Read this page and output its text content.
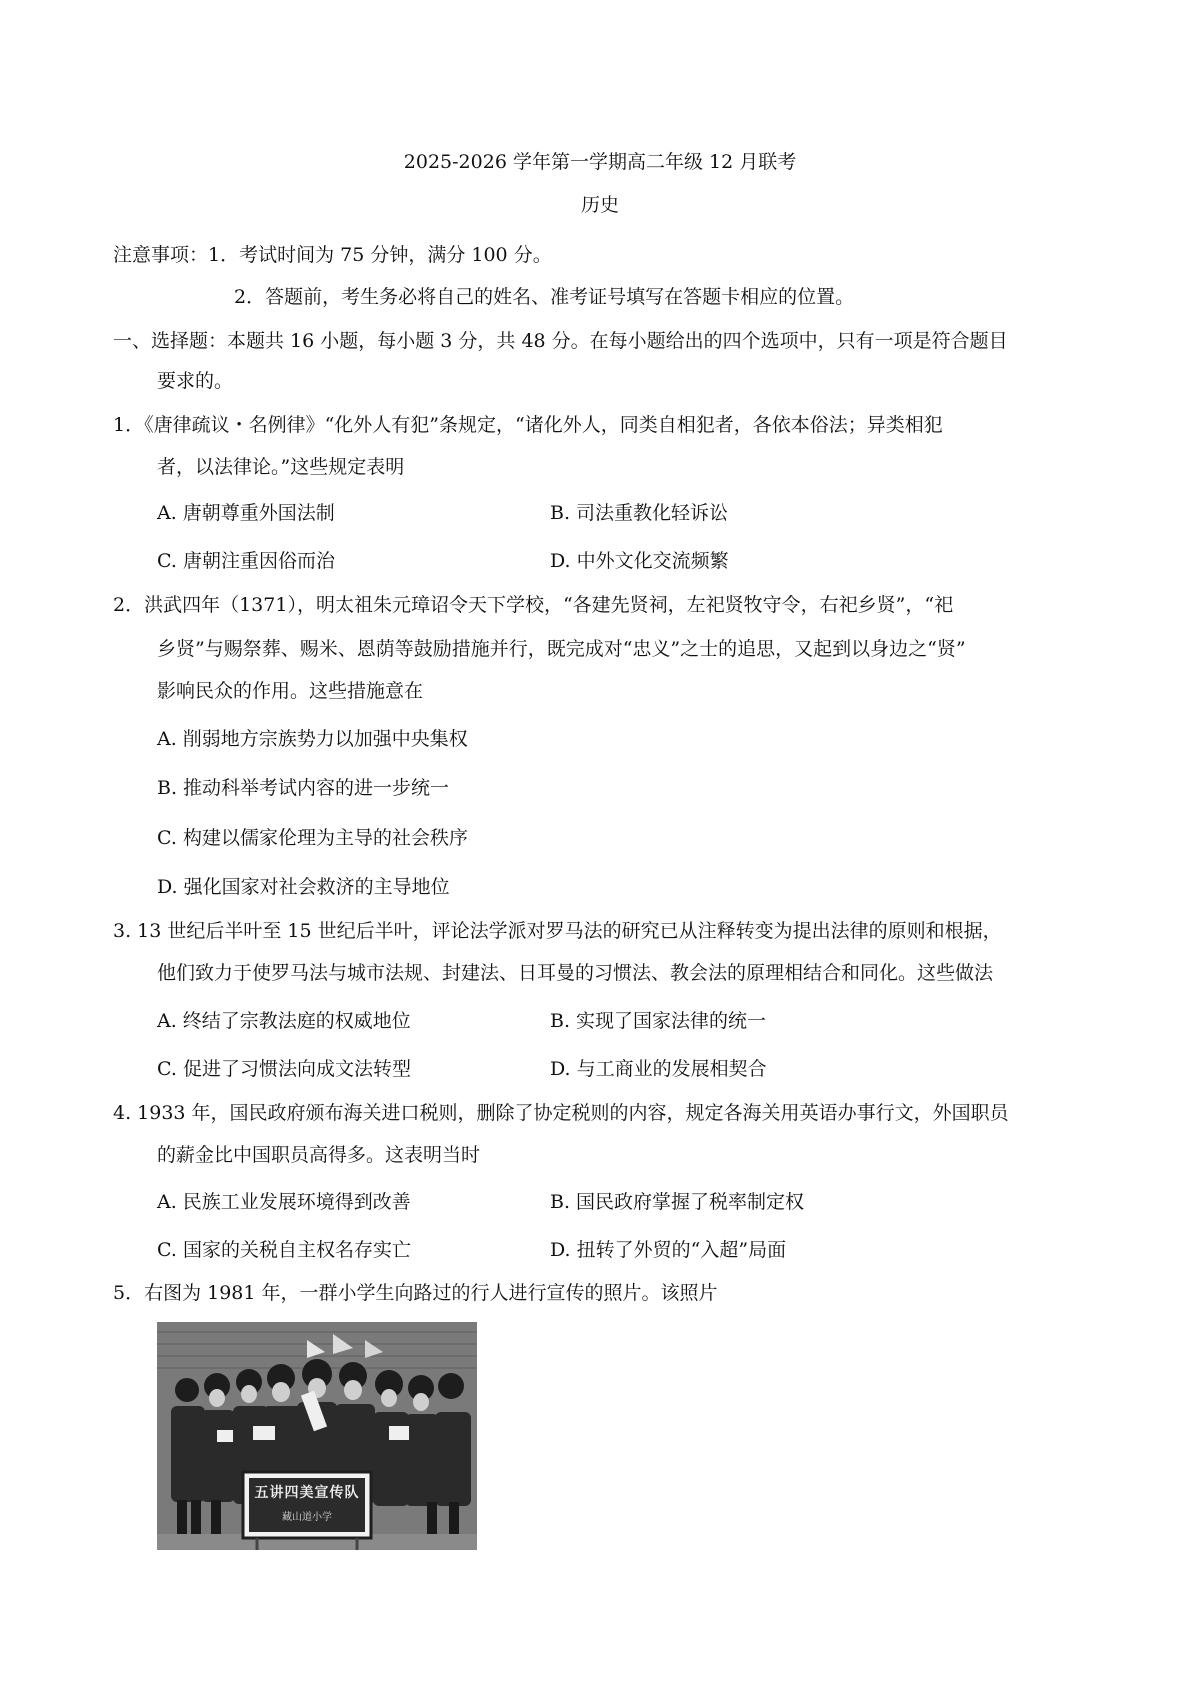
2025-2026 学年第一学期高二年级 12 月联考
历史
注意事项：1．考试时间为 75 分钟，满分 100 分。
2．答题前，考生务必将自己的姓名、准考证号填写在答题卡相应的位置。
一、选择题：本题共 16 小题，每小题 3 分，共 48 分。在每小题给出的四个选项中，只有一项是符合题目
要求的。
1．《唐律疏议・名例律》“化外人有犯”条规定，“诸化外人，同类自相犯者，各依本俗法；异类相犯
者，以法律论。”这些规定表明
A. 唐朝尊重外国法制	B. 司法重教化轻诉讼
C. 唐朝注重因俗而治	D. 中外文化交流频繁
2．洪武四年（1371），明太祖朱元璋诏令天下学校，“各建先贤祠，左祀贤牧守令，右祀乡贤”，“祀
乡贤”与赐祭葬、赐米、恩荫等鼓励措施并行，既完成对“忠义”之士的追思，又起到以身边之“贤”
影响民众的作用。这些措施意在
A. 削弱地方宗族势力以加强中央集权
B. 推动科举考试内容的进一步统一
C. 构建以儒家伦理为主导的社会秩序
D. 强化国家对社会救济的主导地位
3. 13 世纪后半叶至 15 世纪后半叶，评论法学派对罗马法的研究已从注释转变为提出法律的原则和根据，
他们致力于使罗马法与城市法规、封建法、日耳曼的习惯法、教会法的原理相结合和同化。这些做法
A. 终结了宗教法庭的权威地位	B. 实现了国家法律的统一
C. 促进了习惯法向成文法转型	D. 与工商业的发展相契合
4. 1933 年，国民政府颁布海关进口税则，删除了协定税则的内容，规定各海关用英语办事行文，外国职员
的薪金比中国职员高得多。这表明当时
A. 民族工业发展环境得到改善	B. 国民政府掌握了税率制定权
C. 国家的关税自主权名存实亡	D. 扭转了外贸的“入超”局面
5．右图为 1981 年，一群小学生向路过的行人进行宣传的照片。该照片
五讲四美宣传队
藏山道小学
